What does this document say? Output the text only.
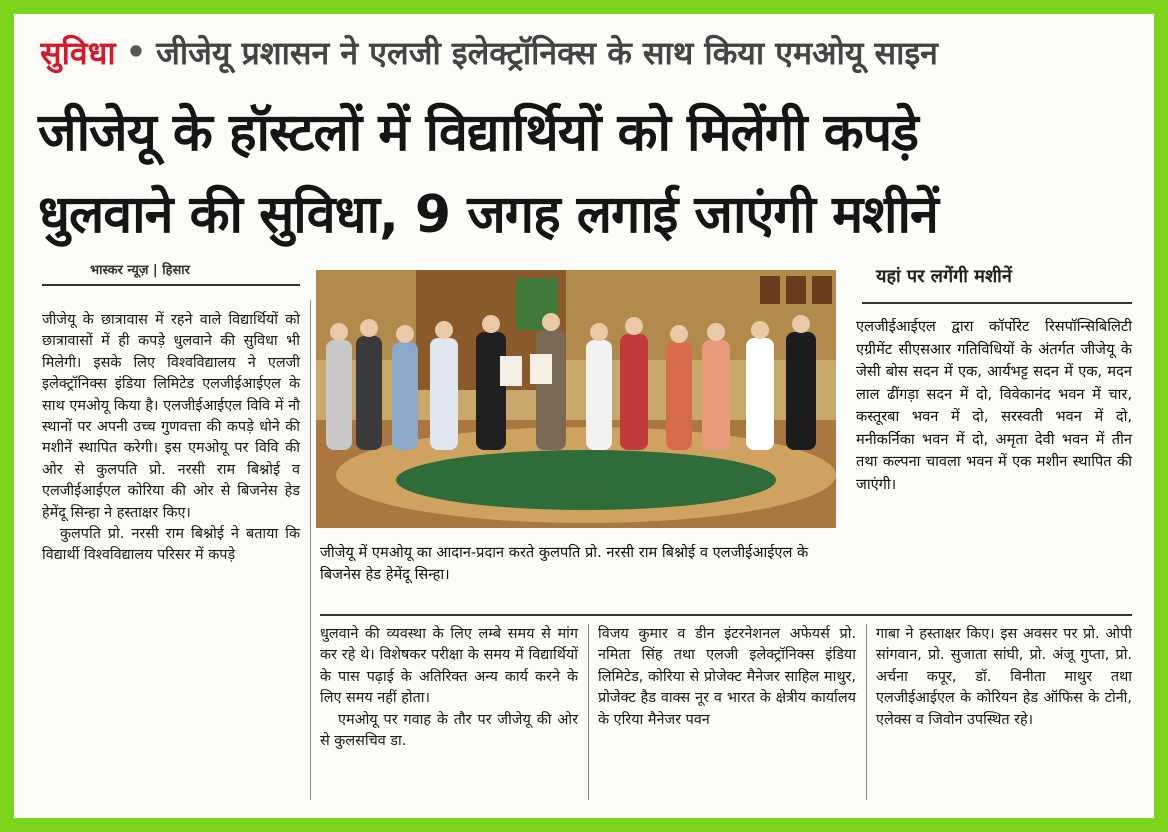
सुविधा • जीजेयू प्रशासन ने एलजी इलेक्ट्रॉनिक्स के साथ किया एमओयू साइन
जीजेयू के हॉस्टलों में विद्यार्थियों को मिलेंगी कपड़े
धुलवाने की सुविधा, 9 जगह लगाई जाएंगी मशीनें
भास्कर न्यूज़ | हिसार

जीजेयू के छात्रावास में रहने वाले विद्यार्थियों को छात्रावासों में ही कपड़े धुलवाने की सुविधा भी मिलेगी। इसके लिए विश्वविद्यालय ने एलजी इलेक्ट्रॉनिक्स इंडिया लिमिटेड एलजीईआईएल के साथ एमओयू किया है। एलजीईआईएल विवि में नौ स्थानों पर अपनी उच्च गुणवत्ता की कपड़े धोने की मशीनें स्थापित करेगी। इस एमओयू पर विवि की ओर से कुलपति प्रो. नरसी राम बिश्नोई व एलजीईआईएल कोरिया की ओर से बिजनेस हेड हेमेंदू सिन्हा ने हस्ताक्षर किए।

कुलपति प्रो. नरसी राम बिश्नोई ने बताया कि विद्यार्थी विश्वविद्यालय परिसर में कपड़े	जीजेयू में एमओयू का आदान-प्रदान करते कुलपति प्रो. नरसी राम बिश्नोई व एलजीईआईएल के बिजनेस हेड हेमेंदू सिन्हा।
यहां पर लगेंगी मशीनें
एलजीईआईएल द्वारा कॉर्पोरेट रिसपॉन्सिबिलिटी एग्रीमेंट सीएसआर गतिविधियों के अंतर्गत जीजेयू के जेसी बोस सदन में एक, आर्यभट्ट सदन में एक, मदन लाल ढींगड़ा सदन में दो, विवेकानंद भवन में चार, कस्तूरबा भवन में दो, सरस्वती भवन में दो, मनीकर्निका भवन में दो, अमृता देवी भवन में तीन तथा कल्पना चावला भवन में एक मशीन स्थापित की जाएंगी।

धुलवाने की व्यवस्था के लिए लम्बे समय से मांग कर रहे थे। विशेषकर परीक्षा के समय में विद्यार्थियों के पास पढ़ाई के अतिरिक्त अन्य कार्य करने के लिए समय नहीं होता।

एमओयू पर गवाह के तौर पर जीजेयू की ओर से कुलसचिव डा.

विजय कुमार व डीन इंटरनेशनल अफेयर्स प्रो. नमिता सिंह तथा एलजी इलेक्ट्रॉनिक्स इंडिया लिमिटेड, कोरिया से प्रोजेक्ट मैनेजर साहिल माथुर, प्रोजेक्ट हैड वाक्स नूर व भारत के क्षेत्रीय कार्यालय के एरिया मैनेजर पवन

गाबा ने हस्ताक्षर किए। इस अवसर पर प्रो. ओपी सांगवान, प्रो. सुजाता सांघी, प्रो. अंजू गुप्ता, प्रो. अर्चना कपूर, डॉ. विनीता माथुर तथा एलजीईआईएल के कोरियन हेड ऑफिस के टोनी, एलेक्स व जिवोन उपस्थित रहे।
